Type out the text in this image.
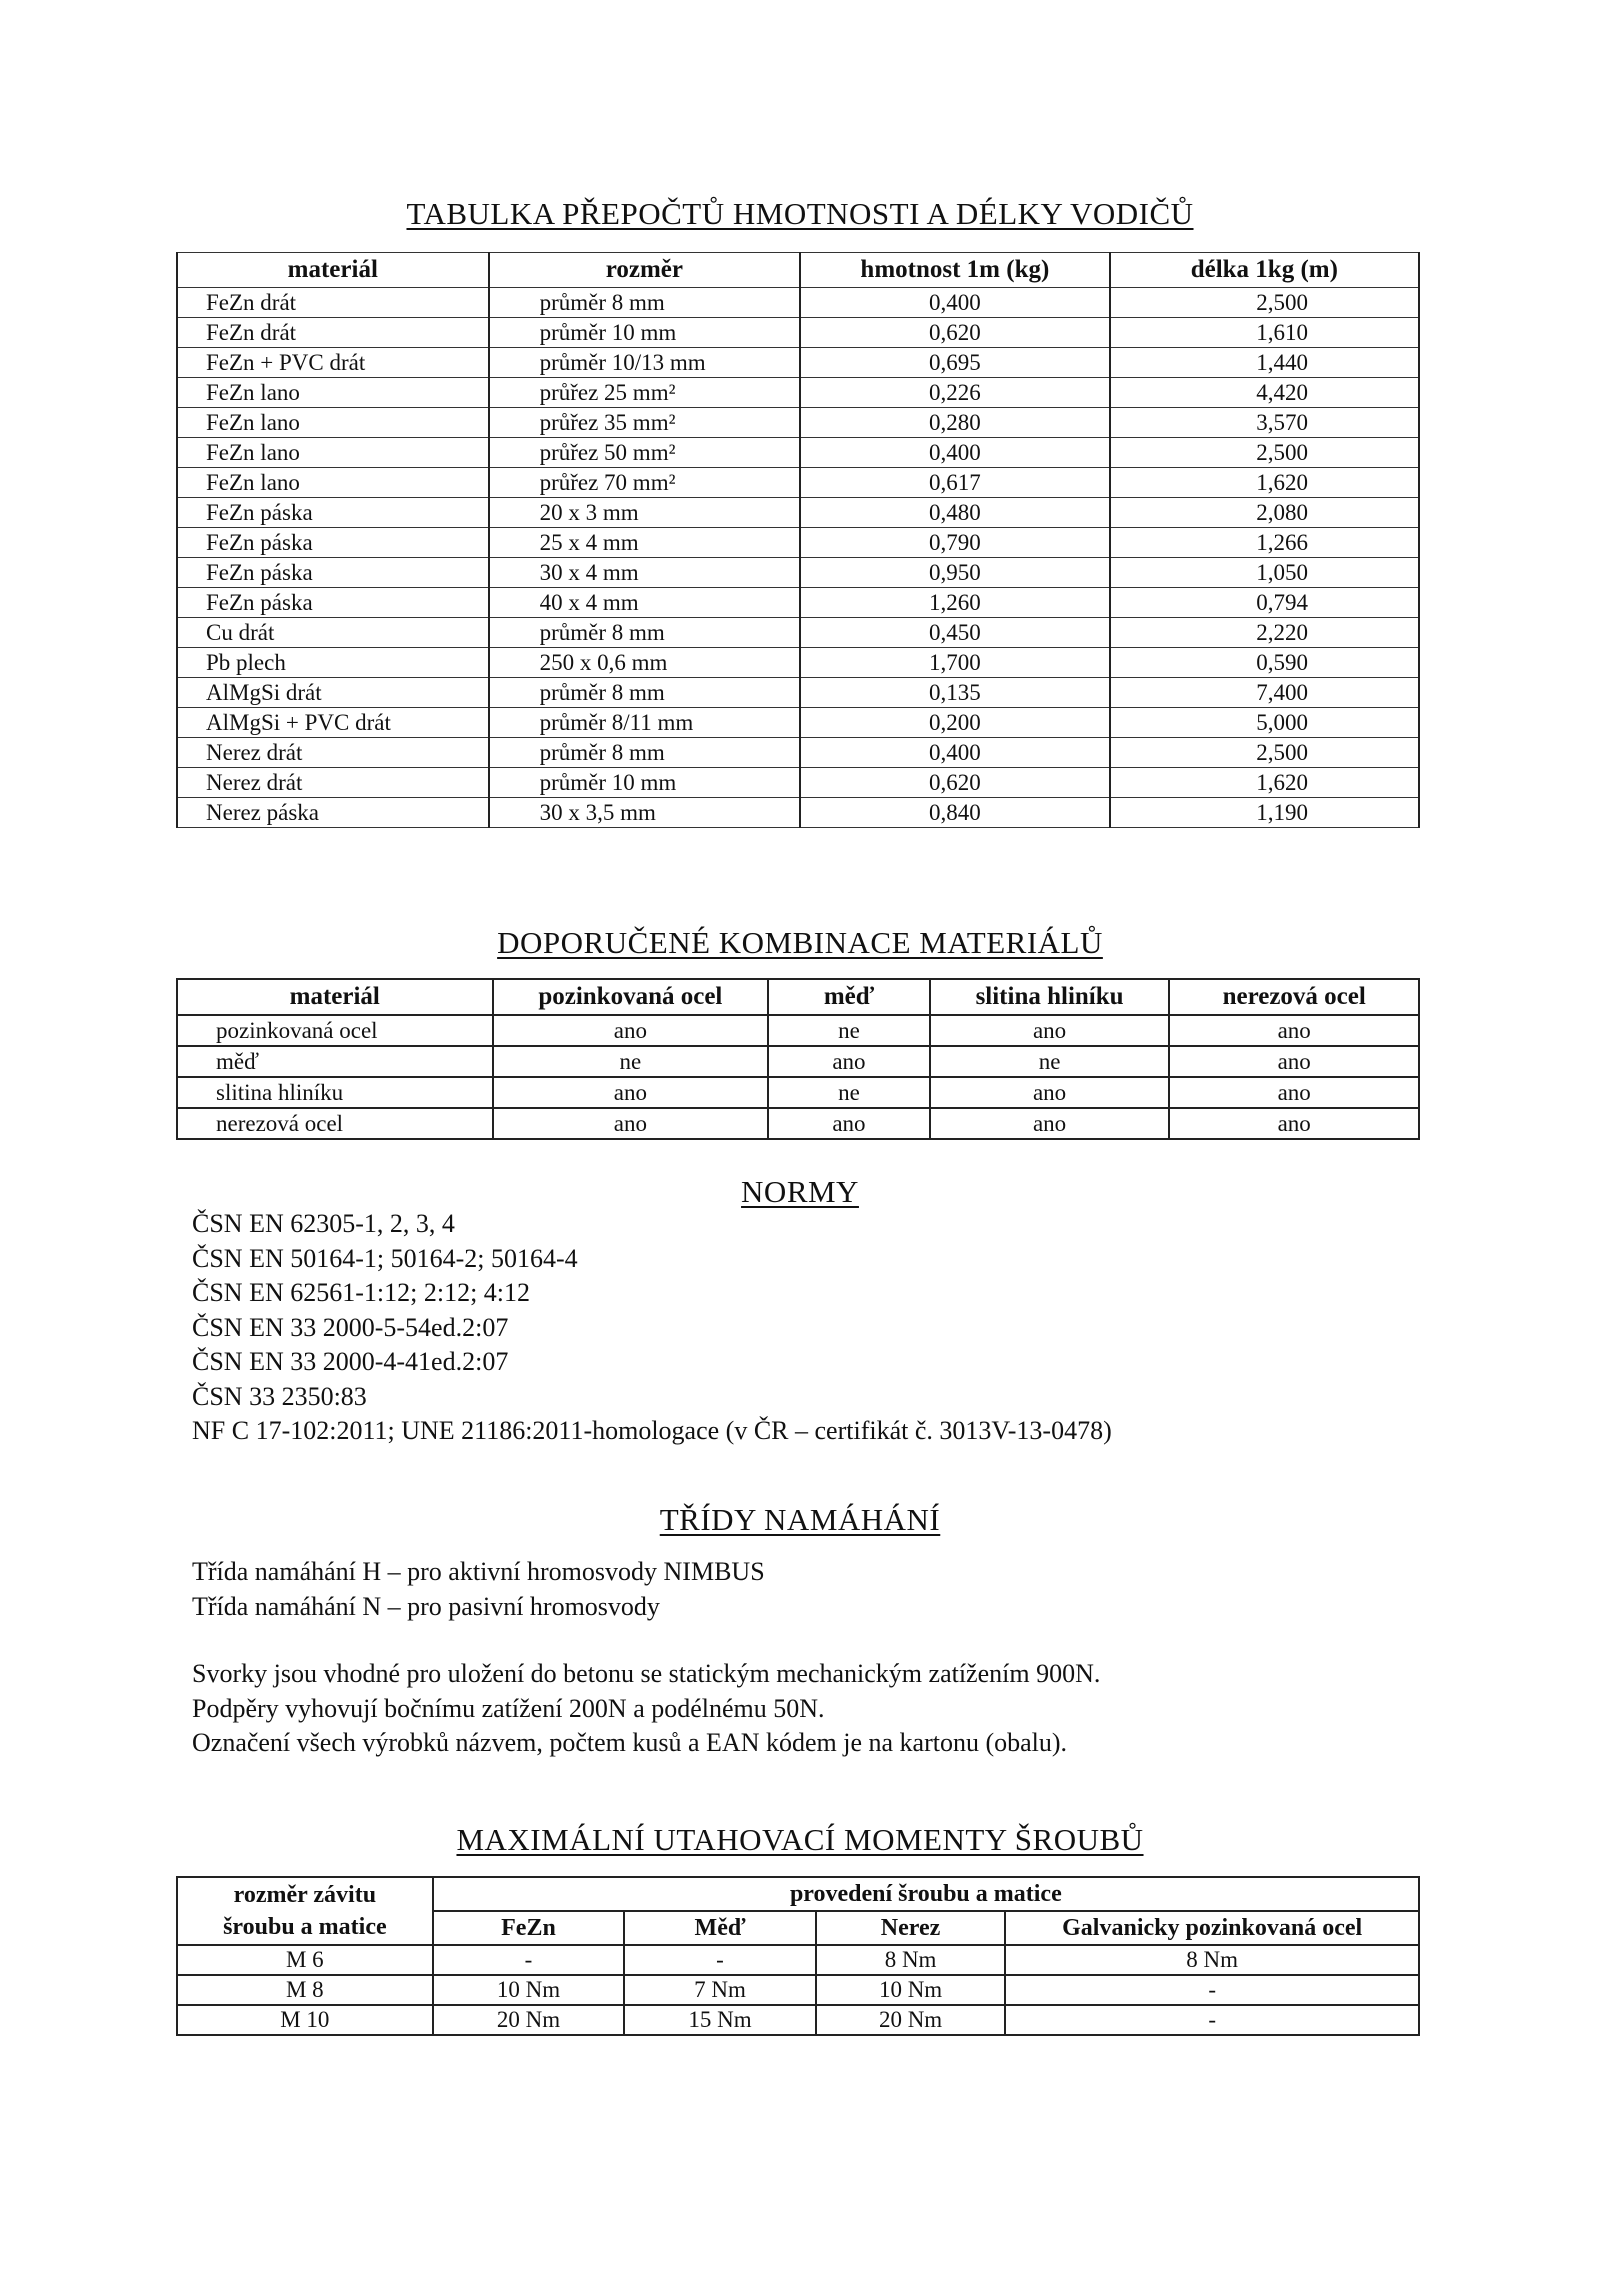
TABULKA PŘEPOČTŮ HMOTNOSTI A DÉLKY VODIČŮ
materiál	rozměr	hmotnost 1m (kg)	délka 1kg (m)
FeZn drát	průměr 8 mm	0,400	2,500
FeZn drát	průměr 10 mm	0,620	1,610
FeZn + PVC drát	průměr 10/13 mm	0,695	1,440
FeZn lano	průřez 25 mm²	0,226	4,420
FeZn lano	průřez 35 mm²	0,280	3,570
FeZn lano	průřez 50 mm²	0,400	2,500
FeZn lano	průřez 70 mm²	0,617	1,620
FeZn páska	20 x 3 mm	0,480	2,080
FeZn páska	25 x 4 mm	0,790	1,266
FeZn páska	30 x 4 mm	0,950	1,050
FeZn páska	40 x 4 mm	1,260	0,794
Cu drát	průměr 8 mm	0,450	2,220
Pb plech	250 x 0,6 mm	1,700	0,590
AlMgSi drát	průměr 8 mm	0,135	7,400
AlMgSi + PVC drát	průměr 8/11 mm	0,200	5,000
Nerez drát	průměr 8 mm	0,400	2,500
Nerez drát	průměr 10 mm	0,620	1,620
Nerez páska	30 x 3,5 mm	0,840	1,190
DOPORUČENÉ KOMBINACE MATERIÁLŮ
materiál	pozinkovaná ocel	měď	slitina hliníku	nerezová ocel
pozinkovaná ocel	ano	ne	ano	ano
měď	ne	ano	ne	ano
slitina hliníku	ano	ne	ano	ano
nerezová ocel	ano	ano	ano	ano
NORMY
ČSN EN 62305-1, 2, 3, 4
ČSN EN 50164-1; 50164-2; 50164-4
ČSN EN 62561-1:12; 2:12; 4:12
ČSN EN 33 2000-5-54ed.2:07
ČSN EN 33 2000-4-41ed.2:07
ČSN 33 2350:83
NF C 17-102:2011; UNE 21186:2011-homologace (v ČR – certifikát č. 3013V-13-0478)
TŘÍDY NAMÁHÁNÍ

Třída namáhání H – pro aktivní hromosvody NIMBUS

Třída namáhání N – pro pasivní hromosvody

Svorky jsou vhodné pro uložení do betonu se statickým mechanickým zatížením 900N.

Podpěry vyhovují bočnímu zatížení 200N a podélnému 50N.

Označení všech výrobků názvem, počtem kusů a EAN kódem je na kartonu (obalu).

MAXIMÁLNÍ UTAHOVACÍ MOMENTY ŠROUBŮ
rozměr závitu
šroubu a matice	provedení šroubu a matice			
	FeZn	Měď	Nerez	Galvanicky pozinkovaná ocel
M 6	-	-	8 Nm	8 Nm
M 8	10 Nm	7 Nm	10 Nm	-
M 10	20 Nm	15 Nm	20 Nm	-
